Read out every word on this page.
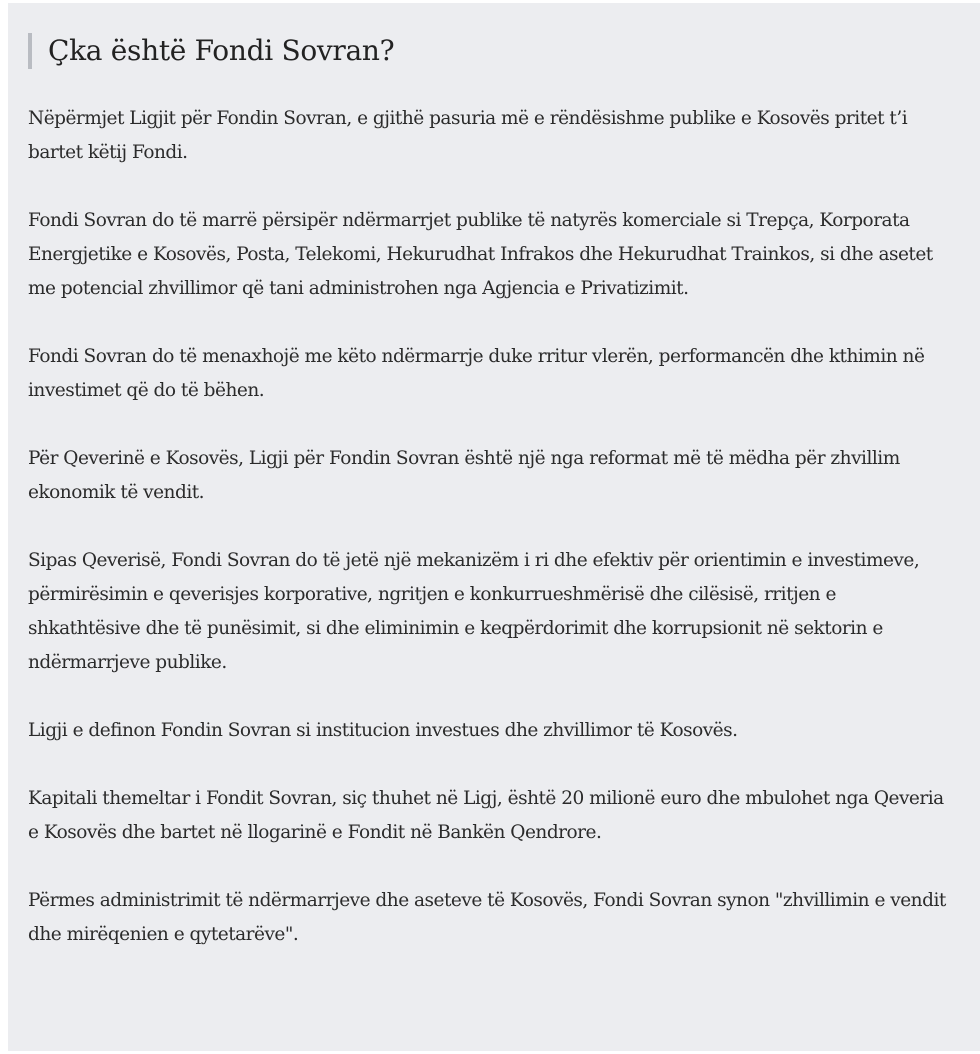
Çka është Fondi Sovran?

Nëpërmjet Ligjit për Fondin Sovran, e gjithë pasuria më e rëndësishme publike e Kosovës pritet t’i bartet këtij Fondi.

Fondi Sovran do të marrë përsipër ndërmarrjet publike të natyrës komerciale si Trepça, Korporata Energjetike e Kosovës, Posta, Telekomi, Hekurudhat Infrakos dhe Hekurudhat Trainkos, si dhe asetet me potencial zhvillimor që tani administrohen nga Agjencia e Privatizimit.

Fondi Sovran do të menaxhojë me këto ndërmarrje duke rritur vlerën, performancën dhe kthimin në investimet që do të bëhen.

Për Qeverinë e Kosovës, Ligji për Fondin Sovran është një nga reformat më të mëdha për zhvillim ekonomik të vendit.

Sipas Qeverisë, Fondi Sovran do të jetë një mekanizëm i ri dhe efektiv për orientimin e investimeve, përmirësimin e qeverisjes korporative, ngritjen e konkurrueshmërisë dhe cilësisë, rritjen e shkathtësive dhe të punësimit, si dhe eliminimin e keqpërdorimit dhe korrupsionit në sektorin e ndërmarrjeve publike.

Ligji e definon Fondin Sovran si institucion investues dhe zhvillimor të Kosovës.

Kapitali themeltar i Fondit Sovran, siç thuhet në Ligj, është 20 milionë euro dhe mbulohet nga Qeveria e Kosovës dhe bartet në llogarinë e Fondit në Bankën Qendrore.

Përmes administrimit të ndërmarrjeve dhe aseteve të Kosovës, Fondi Sovran synon "zhvillimin e vendit dhe mirëqenien e qytetarëve".
